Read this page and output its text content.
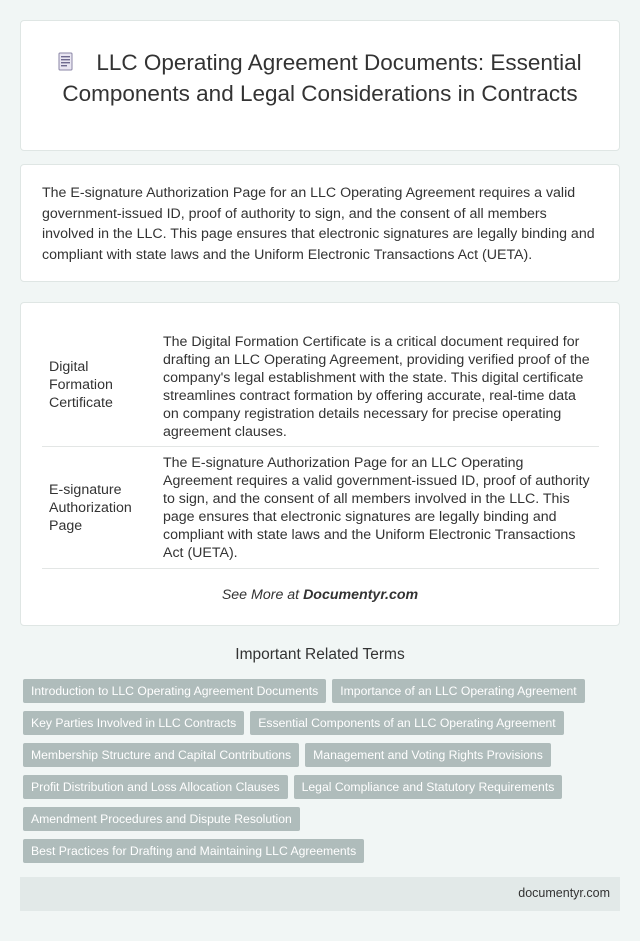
LLC Operating Agreement Documents: Essential Components and Legal Considerations in Contracts

The E-signature Authorization Page for an LLC Operating Agreement requires a valid government-issued ID, proof of authority to sign, and the consent of all members involved in the LLC. This page ensures that electronic signatures are legally binding and compliant with state laws and the Uniform Electronic Transactions Act (UETA).

Digital Formation Certificate	The Digital Formation Certificate is a critical document required for drafting an LLC Operating Agreement, providing verified proof of the company's legal establishment with the state. This digital certificate streamlines contract formation by offering accurate, real-time data on company registration details necessary for precise operating agreement clauses.
E-signature Authorization Page	The E-signature Authorization Page for an LLC Operating Agreement requires a valid government-issued ID, proof of authority to sign, and the consent of all members involved in the LLC. This page ensures that electronic signatures are legally binding and compliant with state laws and the Uniform Electronic Transactions Act (UETA).
See More at Documentyr.com
Important Related Terms
Introduction to LLC Operating Agreement Documents Importance of an LLC Operating Agreement
Key Parties Involved in LLC Contracts Essential Components of an LLC Operating Agreement
Membership Structure and Capital Contributions Management and Voting Rights Provisions
Profit Distribution and Loss Allocation Clauses Legal Compliance and Statutory Requirements
Amendment Procedures and Dispute Resolution
Best Practices for Drafting and Maintaining LLC Agreements
documentyr.com
